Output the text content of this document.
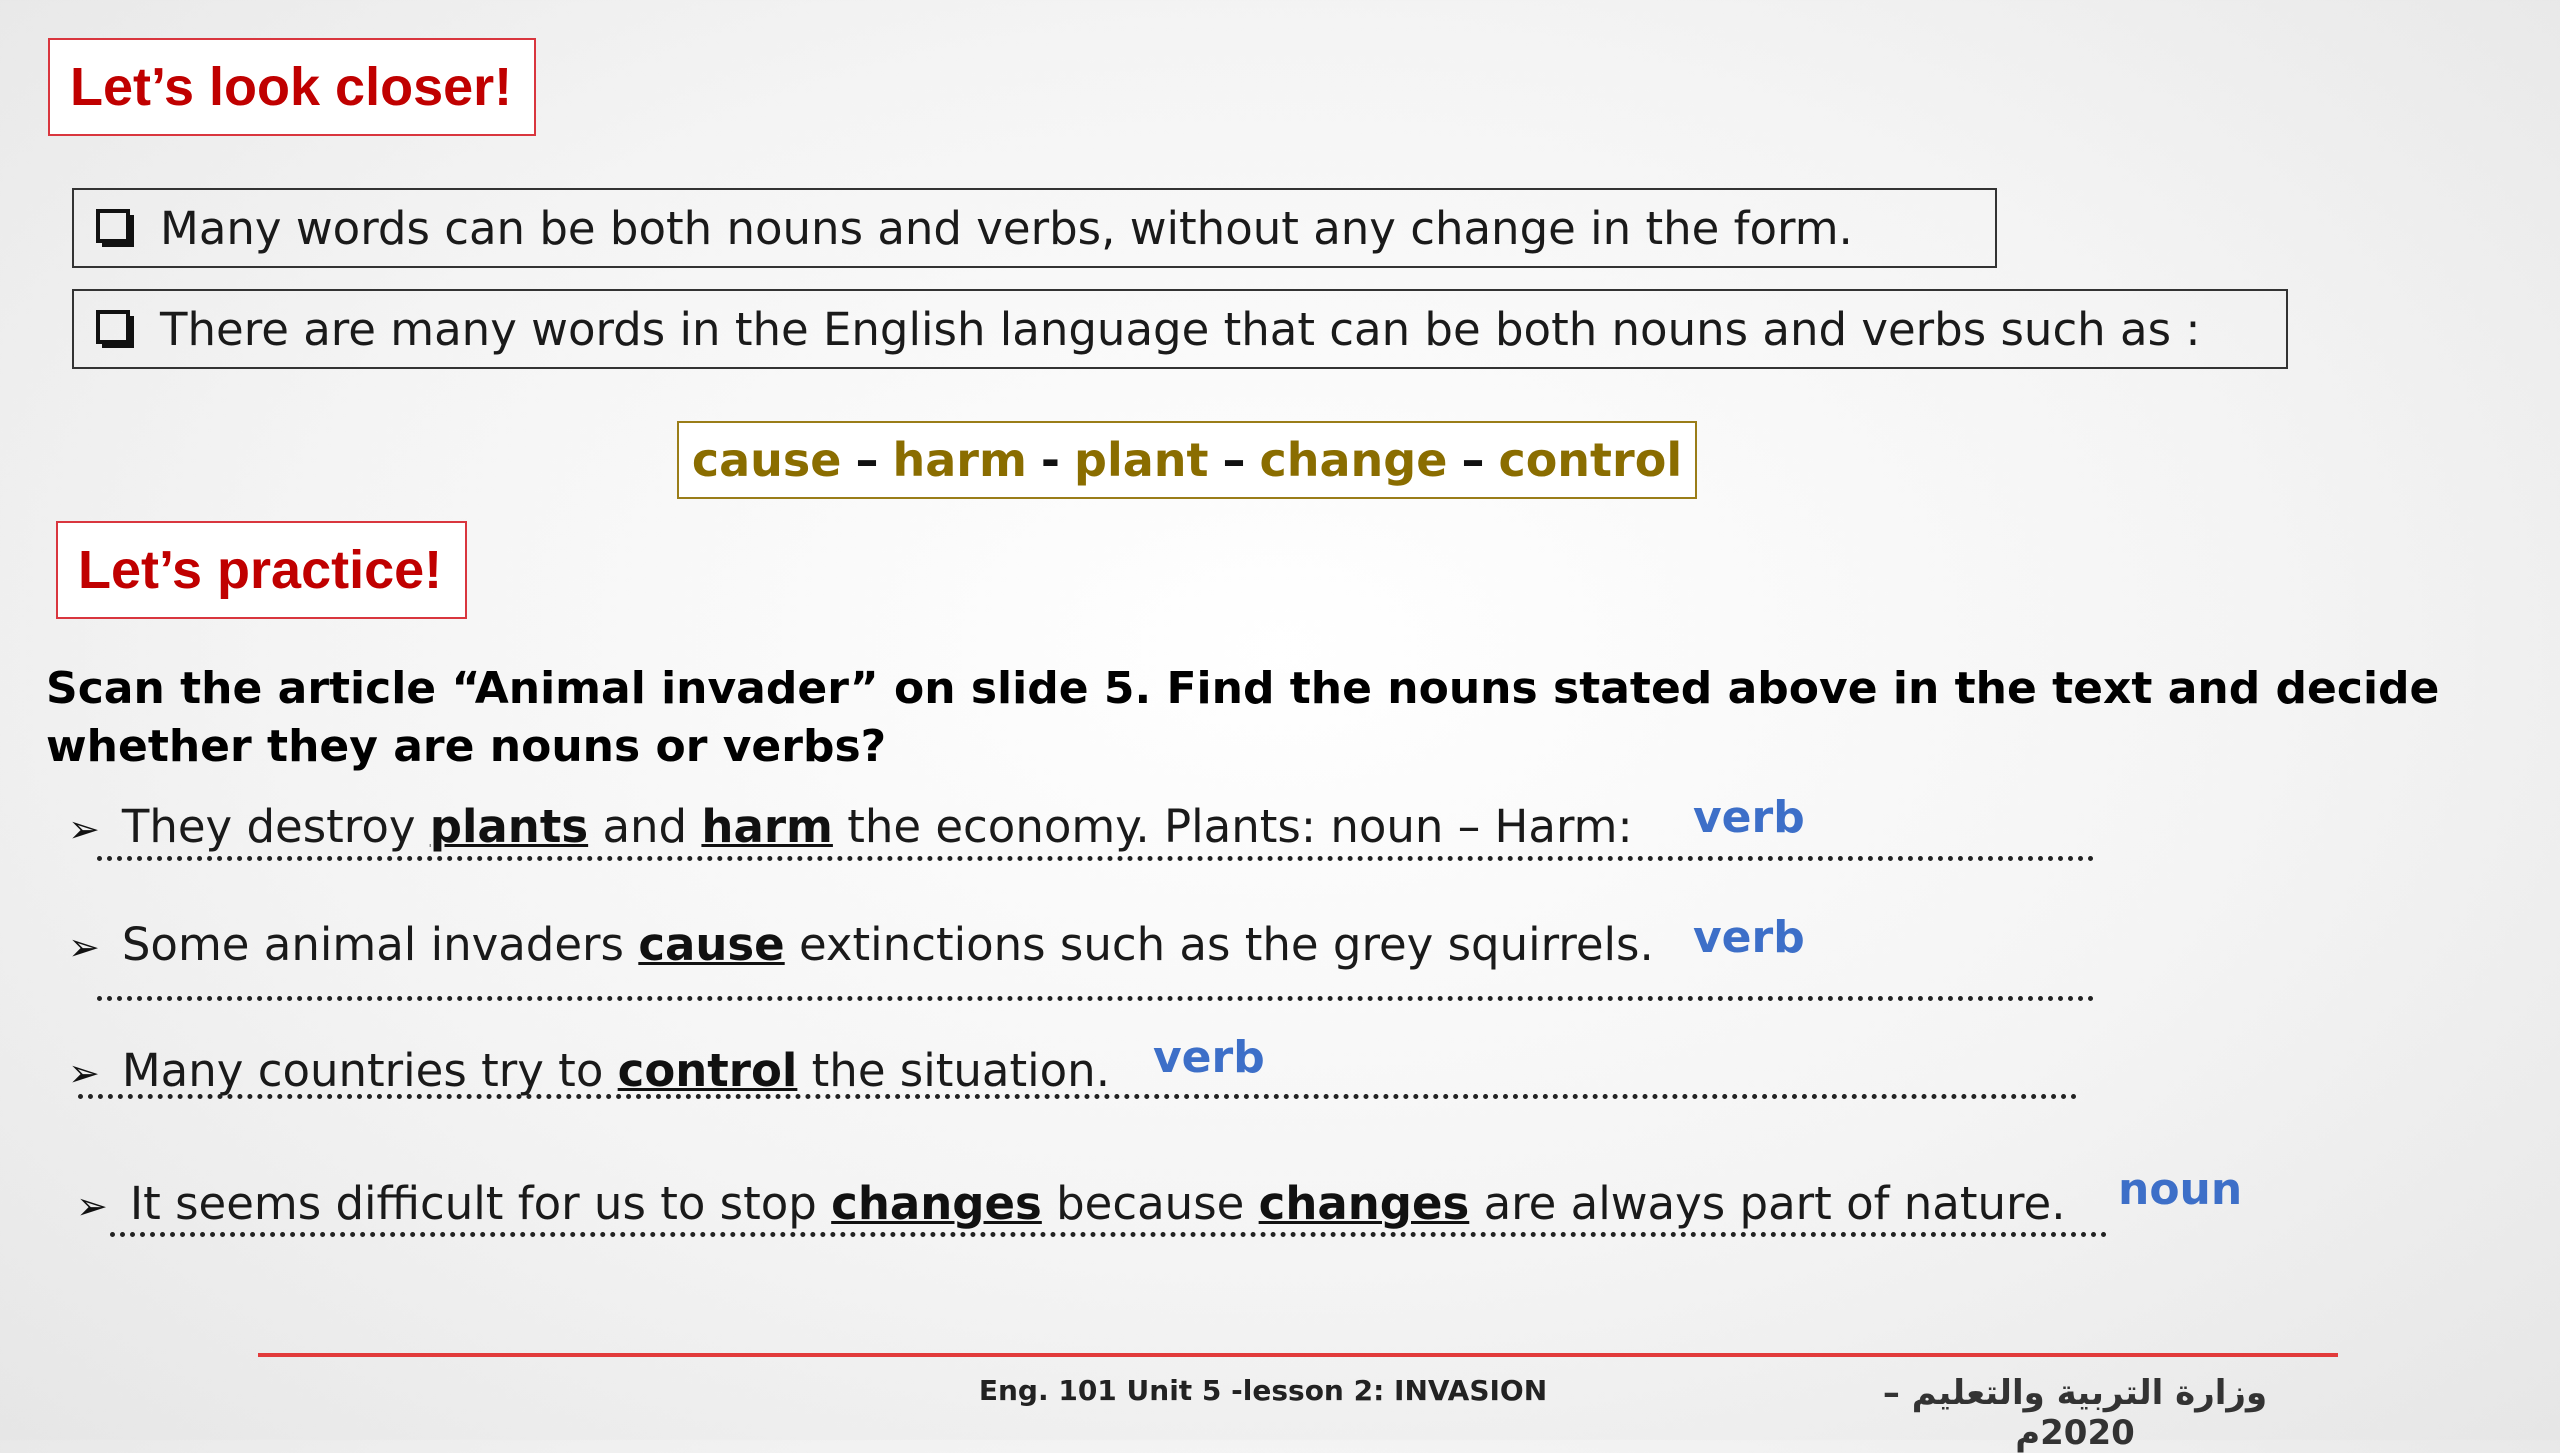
Let’s look closer!
Many words can be both nouns and verbs, without any change in the form.
There are many words in the English language that can be both nouns and verbs such as :
cause – harm - plant – change – control
Let’s practice!
Scan the article “Animal invader” on slide 5. Find the nouns stated above in the text and decide whether they are nouns or verbs?
➢ They destroy plants and harm the economy. Plants: noun – Harm: verb
➢ Some animal invaders cause extinctions such as the grey squirrels. verb
➢ Many countries try to control the situation. verb
➢ It seems difficult for us to stop changes because changes are always part of nature. noun
Eng. 101 Unit 5 -lesson 2: INVASION	وزارة التربية والتعليم – 2020م
